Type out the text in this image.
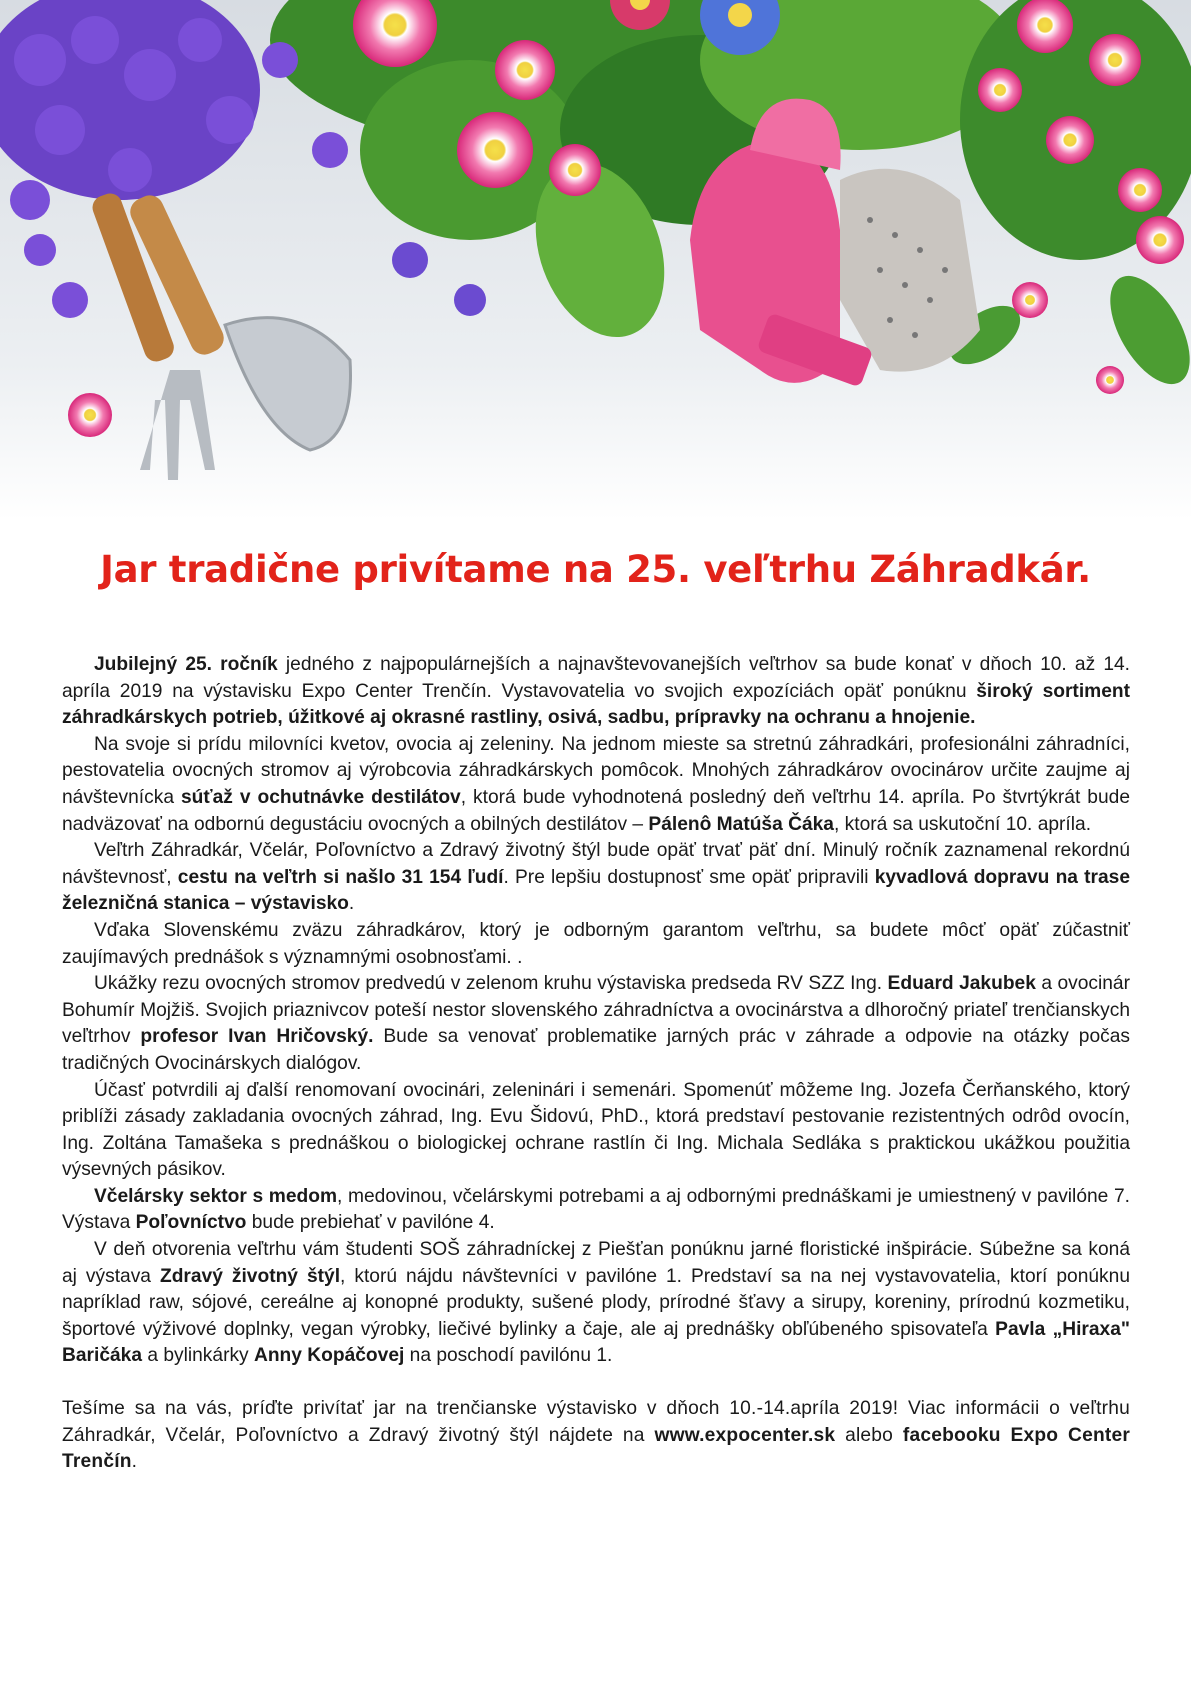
Jar tradične privítame na 25. veľtrhu Záhradkár.

Jubilejný 25. ročník jedného z najpopulárnejších a najnavštevovanejších veľtrhov sa bude konať v dňoch 10. až 14. apríla 2019 na výstavisku Expo Center Trenčín. Vystavovatelia vo svojich expozíciách opäť ponúknu široký sortiment záhradkárskych potrieb, úžitkové aj okrasné rastliny, osivá, sadbu, prípravky na ochranu a hnojenie.

Na svoje si prídu milovníci kvetov, ovocia aj zeleniny. Na jednom mieste sa stretnú záhradkári, profesionálni záhradníci, pestovatelia ovocných stromov aj výrobcovia záhradkárskych pomôcok. Mnohých záhradkárov ovocinárov určite zaujme aj návštevnícka súťaž v ochutnávke destilátov, ktorá bude vyhodnotená posledný deň veľtrhu 14. apríla. Po štvrtýkrát bude nadväzovať na odbornú degustáciu ovocných a obilných destilátov – Pálenô Matúša Čáka, ktorá sa uskutoční 10. apríla.

Veľtrh Záhradkár, Včelár, Poľovníctvo a Zdravý životný štýl bude opäť trvať päť dní. Minulý ročník zaznamenal rekordnú návštevnosť, cestu na veľtrh si našlo 31 154 ľudí. Pre lepšiu dostupnosť sme opäť pripravili kyvadlová dopravu na trase železničná stanica – výstavisko.

Vďaka Slovenskému zväzu záhradkárov, ktorý je odborným garantom veľtrhu, sa budete môcť opäť zúčastniť zaujímavých prednášok s významnými osobnosťami. .

Ukážky rezu ovocných stromov predvedú v zelenom kruhu výstaviska predseda RV SZZ Ing. Eduard Jakubek a ovocinár Bohumír Mojžiš. Svojich priaznivcov poteší nestor slovenského záhradníctva a ovocinárstva a dlhoročný priateľ trenčianskych veľtrhov profesor Ivan Hričovský. Bude sa venovať problematike jarných prác v záhrade a odpovie na otázky počas tradičných Ovocinárskych dialógov.

Účasť potvrdili aj ďalší renomovaní ovocinári, zeleninári i semenári. Spomenúť môžeme Ing. Jozefa Čerňanského, ktorý priblíži zásady zakladania ovocných záhrad, Ing. Evu Šidovú, PhD., ktorá predstaví pestovanie rezistentných odrôd ovocín, Ing. Zoltána Tamašeka s prednáškou o biologickej ochrane rastlín či Ing. Michala Sedláka s praktickou ukážkou použitia výsevných pásikov.

Včelársky sektor s medom, medovinou, včelárskymi potrebami a aj odbornými prednáškami je umiestnený v pavilóne 7. Výstava Poľovníctvo bude prebiehať v pavilóne 4.

V deň otvorenia veľtrhu vám študenti SOŠ záhradníckej z Piešťan ponúknu jarné floristické inšpirácie. Súbežne sa koná aj výstava Zdravý životný štýl, ktorú nájdu návštevníci v pavilóne 1. Predstaví sa na nej vystavovatelia, ktorí ponúknu napríklad raw, sójové, cereálne aj konopné produkty, sušené plody, prírodné šťavy a sirupy, koreniny, prírodnú kozmetiku, športové výživové doplnky, vegan výrobky, liečivé bylinky a čaje, ale aj prednášky obľúbeného spisovateľa Pavla „Hiraxa" Baričáka a bylinkárky Anny Kopáčovej na poschodí pavilónu 1.

Tešíme sa na vás, príďte privítať jar na trenčianske výstavisko v dňoch 10.-14.apríla 2019! Viac informácii o veľtrhu Záhradkár, Včelár, Poľovníctvo a Zdravý životný štýl nájdete na www.expocenter.sk alebo facebooku Expo Center Trenčín.
